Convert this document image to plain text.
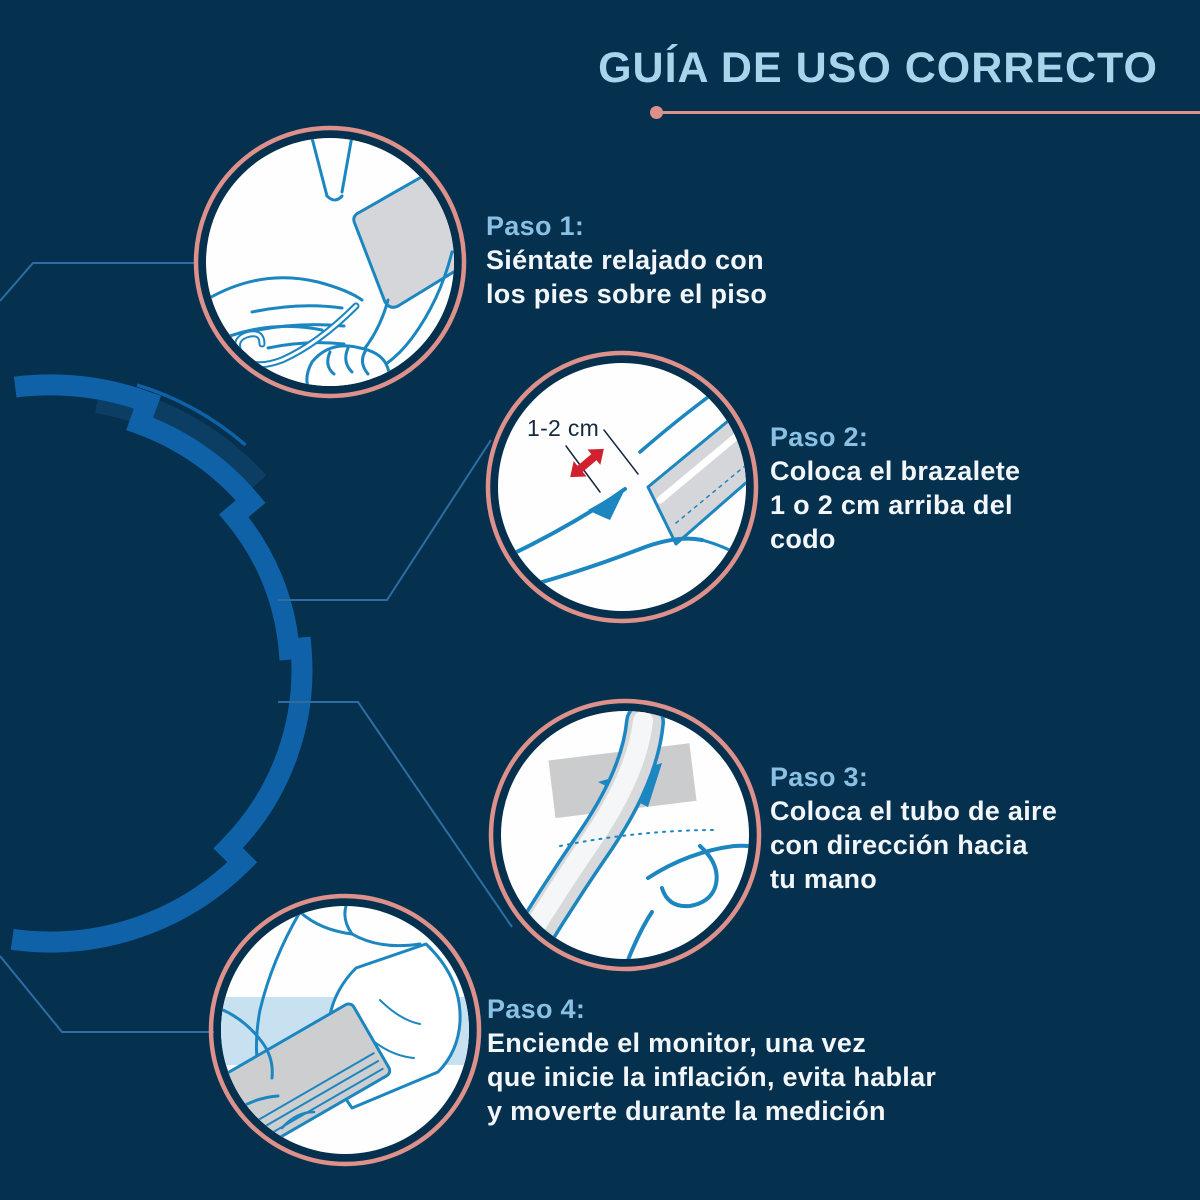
GUÍA DE USO CORRECTO
Paso 1:
Siéntate relajado con
los pies sobre el piso
Paso 2:
Coloca el brazalete
1 o 2 cm arriba del
codo
Paso 3:
Coloca el tubo de aire
con dirección hacia
tu mano
Paso 4:
Enciende el monitor, una vez
que inicie la inflación, evita hablar
y moverte durante la medición
1-2 cm
